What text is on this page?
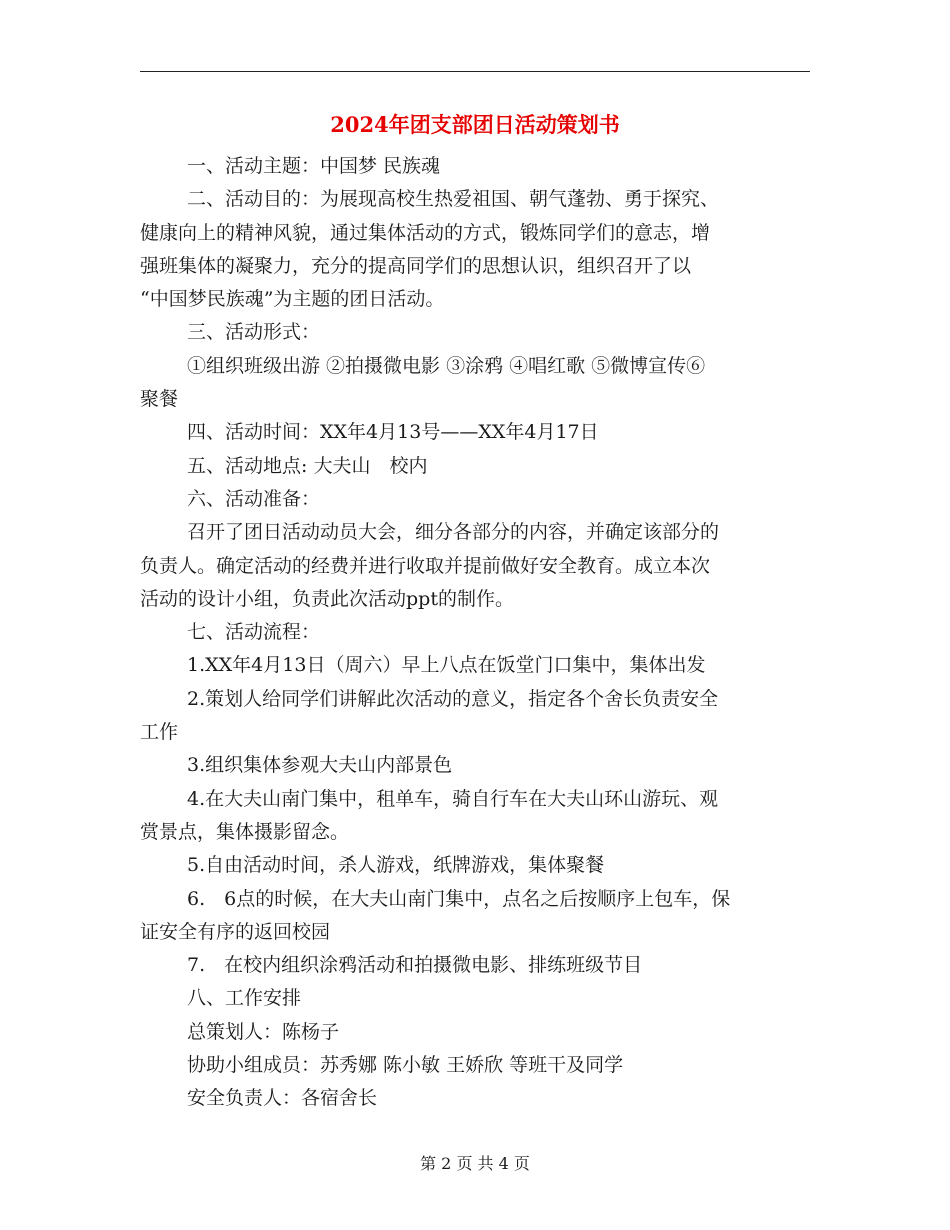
2024年团支部团日活动策划书

一、活动主题：中国梦 民族魂

二、活动目的：为展现高校生热爱祖国、朝气蓬勃、勇于探究、

健康向上的精神风貌，通过集体活动的方式，锻炼同学们的意志，增

强班集体的凝聚力，充分的提高同学们的思想认识，组织召开了以

“中国梦民族魂”为主题的团日活动。

三、活动形式：

①组织班级出游 ②拍摄微电影 ③涂鸦 ④唱红歌 ⑤微博宣传⑥

聚餐

四、活动时间：XX年4月13号——XX年4月17日

五、活动地点: 大夫山　校内

六、活动准备：

召开了团日活动动员大会，细分各部分的内容，并确定该部分的

负责人。确定活动的经费并进行收取并提前做好安全教育。成立本次

活动的设计小组，负责此次活动ppt的制作。

七、活动流程：

1.XX年4月13日（周六）早上八点在饭堂门口集中，集体出发

2.策划人给同学们讲解此次活动的意义，指定各个舍长负责安全

工作

3.组织集体参观大夫山内部景色

4.在大夫山南门集中，租单车，骑自行车在大夫山环山游玩、观

赏景点，集体摄影留念。

5.自由活动时间，杀人游戏，纸牌游戏，集体聚餐

6.　6点的时候，在大夫山南门集中，点名之后按顺序上包车，保

证安全有序的返回校园

7.　在校内组织涂鸦活动和拍摄微电影、排练班级节目

八、工作安排

总策划人：陈杨子

协助小组成员：苏秀娜 陈小敏 王娇欣 等班干及同学

安全负责人：各宿舍长

第 2 页 共 4 页
